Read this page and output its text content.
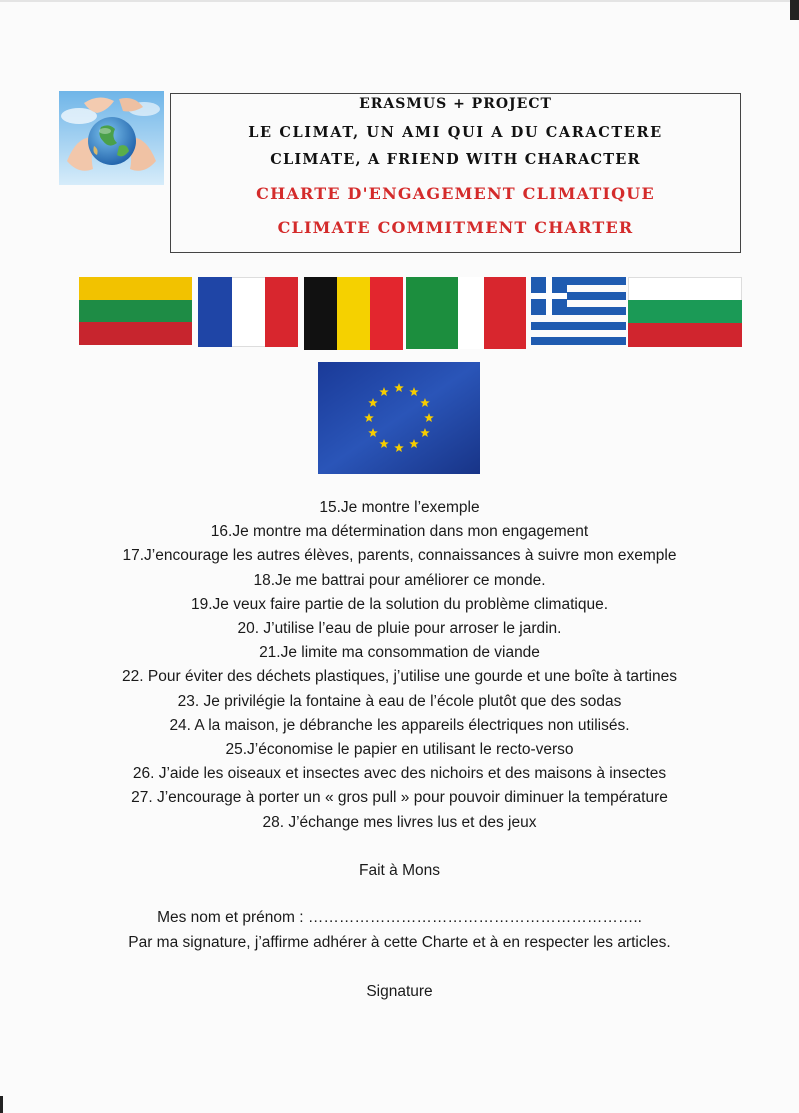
ERASMUS + PROJECT
LE CLIMAT, UN AMI QUI A DU CARACTERE
CLIMATE, A FRIEND WITH CHARACTER
CHARTE D'ENGAGEMENT CLIMATIQUE
CLIMATE COMMITMENT CHARTER
15.Je montre l’exemple
16.Je montre ma détermination dans mon engagement
17.J’encourage les autres élèves, parents, connaissances à suivre mon exemple
18.Je me battrai pour améliorer ce monde.
19.Je veux faire partie de la solution du problème climatique.
20. J’utilise l’eau de pluie pour arroser le jardin.
21.Je limite ma consommation de viande
22. Pour éviter des déchets plastiques, j’utilise une gourde et une boîte à tartines
23. Je privilégie la fontaine à eau de l’école plutôt que des sodas
24. A la maison, je débranche les appareils électriques non utilisés.
25.J’économise le papier en utilisant le recto-verso
26. J’aide les oiseaux et insectes avec des nichoirs et des maisons à insectes
27. J’encourage à porter un « gros pull » pour pouvoir diminuer la température
28. J’échange mes livres lus et des jeux
Fait à Mons
Mes nom et prénom : ………………………………………………………..
Par ma signature, j’affirme adhérer à cette Charte et à en respecter les articles.
Signature
